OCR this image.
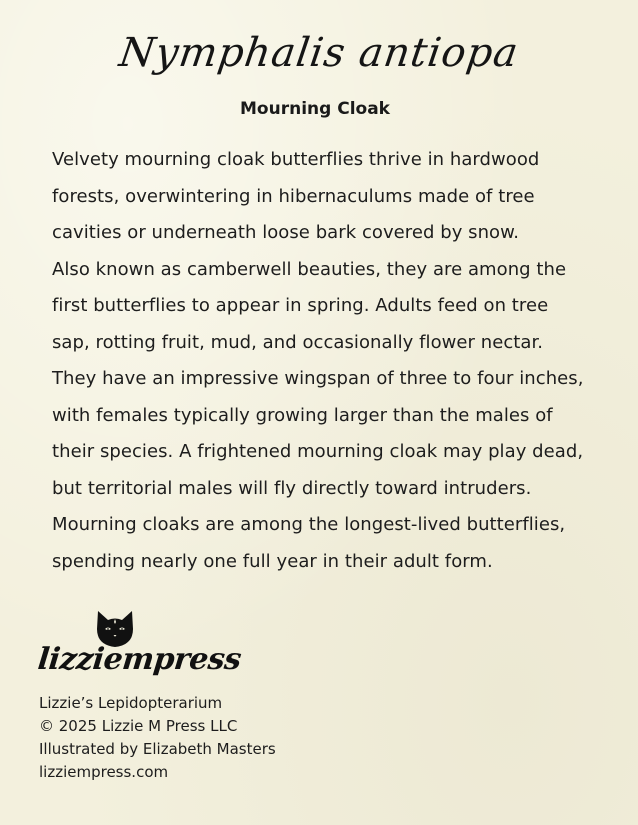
Nymphalis antiopa
Mourning Cloak
Velvety mourning cloak butterflies thrive in hardwood
forests, overwintering in hibernaculums made of tree
cavities or underneath loose bark covered by snow.
Also known as camberwell beauties, they are among the
first butterflies to appear in spring. Adults feed on tree
sap, rotting fruit, mud, and occasionally flower nectar.
They have an impressive wingspan of three to four inches,
with females typically growing larger than the males of
their species. A frightened mourning cloak may play dead,
but territorial males will fly directly toward intruders.
Mourning cloaks are among the longest-lived butterflies,
spending nearly one full year in their adult form.
lizziempress
Lizzie’s Lepidopterarium
© 2025 Lizzie M Press LLC
Illustrated by Elizabeth Masters
lizziempress.com
